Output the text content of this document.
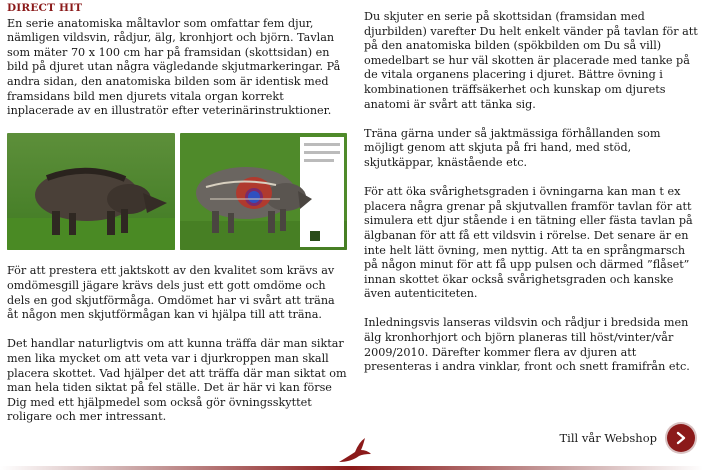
DIRECT HIT

En serie anatomiska måltavlor som omfattar fem djur, nämligen vildsvin, rådjur, älg, kronhjort och björn. Tavlan som mäter 70 x 100 cm har på framsidan (skottsidan) en bild på djuret utan några vägledande skjutmarkeringar. På andra sidan, den anatomiska bilden som är identisk med framsidans bild men djurets vitala organ korrekt inplacerade av en illustratör efter veterinärinstruktioner.

För att prestera ett jaktskott av den kvalitet som krävs av omdömesgill jägare krävs dels just ett gott omdöme och dels en god skjutförmåga. Omdömet har vi svårt att träna åt någon men skjutförmågan kan vi hjälpa till att träna.

Det handlar naturligtvis om att kunna träffa där man siktar men lika mycket om att veta var i djurkroppen man skall placera skottet. Vad hjälper det att träffa där man siktat om man hela tiden siktat på fel ställe. Det är här vi kan förse Dig med ett hjälpmedel som också gör övningsskyttet roligare och mer intressant.

Du skjuter en serie på skottsidan (framsidan med djurbilden) varefter Du helt enkelt vänder på tavlan för att på den anatomiska bilden (spökbilden om Du så vill) omedelbart se hur väl skotten är placerade med tanke på de vitala organens placering i djuret. Bättre övning i kombinationen träffsäkerhet och kunskap om djurets anatomi är svårt att tänka sig.

Träna gärna under så jaktmässiga förhållanden som möjligt genom att skjuta på fri hand, med stöd, skjutkäppar, knästående etc.

För att öka svårighetsgraden i övningarna kan man t ex placera några grenar på skjutvallen framför tavlan för att simulera ett djur stående i en tätning eller fästa tavlan på älgbanan för att få ett vildsvin i rörelse. Det senare är en inte helt lätt övning, men nyttig. Att ta en språngmarsch på någon minut för att få upp pulsen och därmed ”flåset” innan skottet ökar också svårighetsgraden och kanske även autenticiteten.

Inledningsvis lanseras vildsvin och rådjur i bredsida men älg kronhorhjort och björn planeras till höst/vinter/vår 2009/2010. Därefter kommer flera av djuren att presenteras i andra vinklar, front och snett framifrån etc.

Till vår Webshop
